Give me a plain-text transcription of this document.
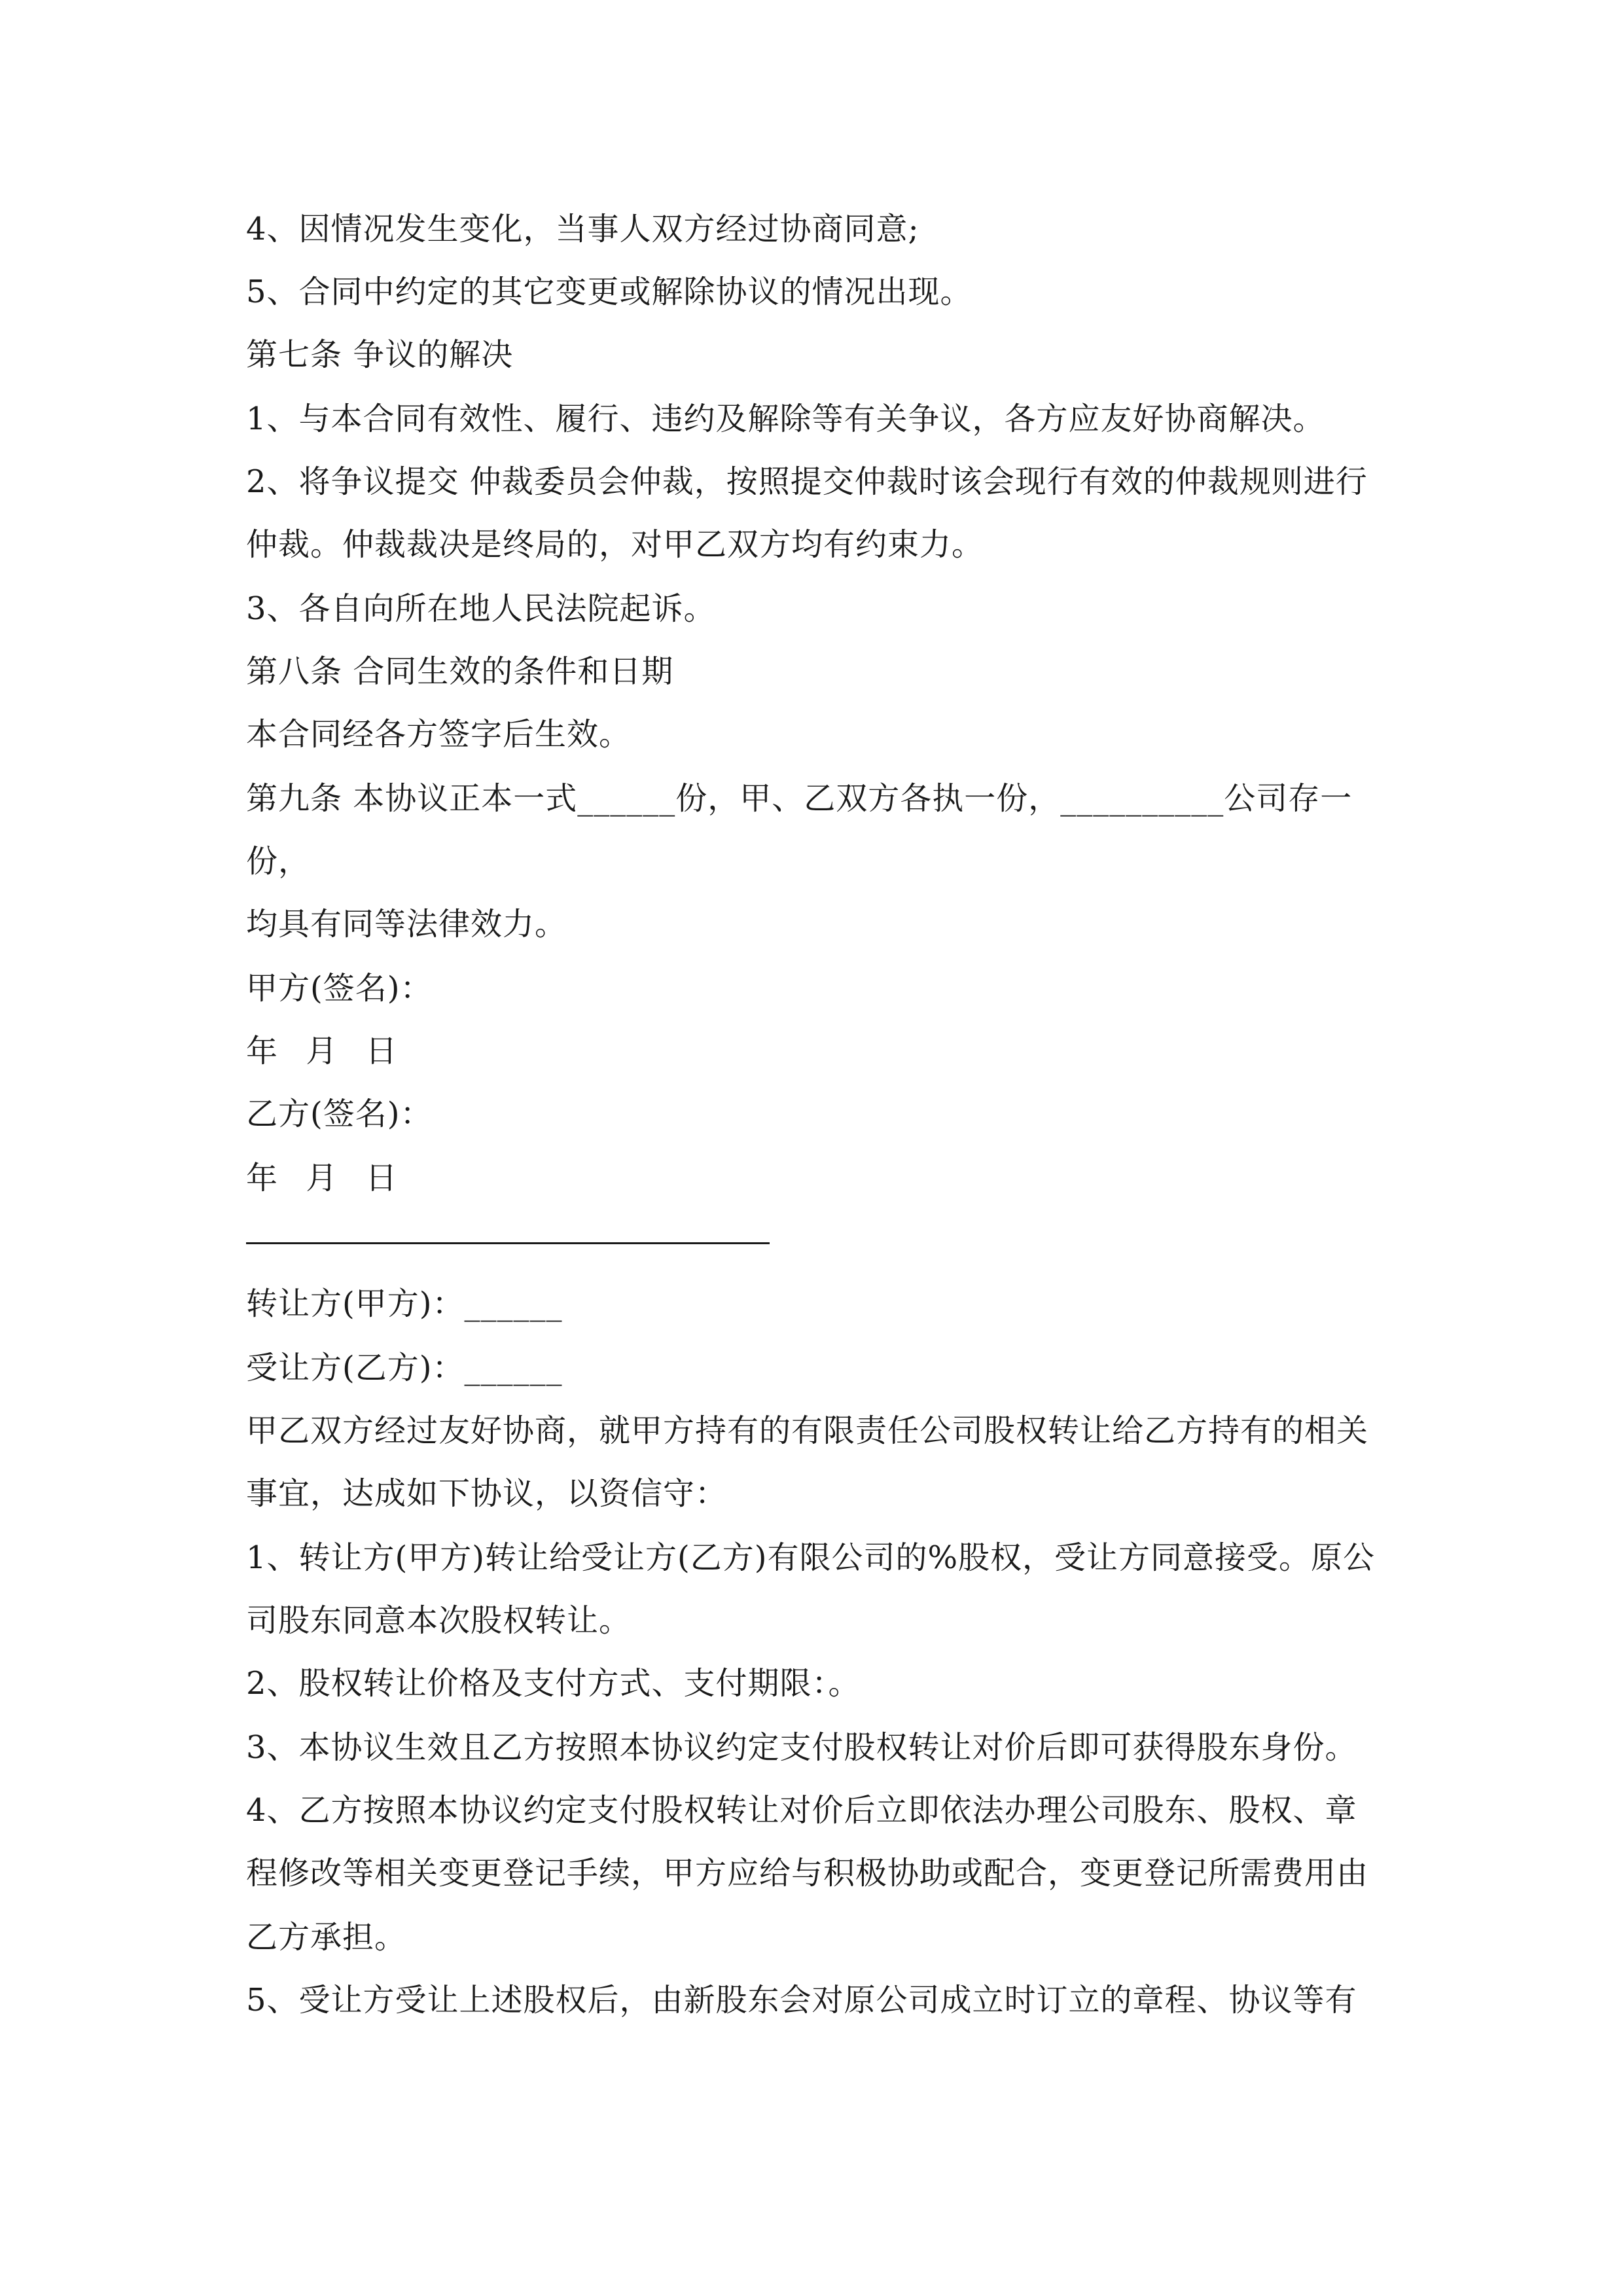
4、因情况发生变化，当事人双方经过协商同意;
5、合同中约定的其它变更或解除协议的情况出现。
第七条 争议的解决
1、与本合同有效性、履行、违约及解除等有关争议，各方应友好协商解决。
2、将争议提交 仲裁委员会仲裁，按照提交仲裁时该会现行有效的仲裁规则进行
仲裁。仲裁裁决是终局的，对甲乙双方均有约束力。
3、各自向所在地人民法院起诉。
第八条 合同生效的条件和日期
本合同经各方签字后生效。
第九条 本协议正本一式______份，甲、乙双方各执一份，__________公司存一
份，
均具有同等法律效力。
甲方(签名)：
年 月 日
乙方(签名)：
年 月 日
转让方(甲方)：______
受让方(乙方)：______
甲乙双方经过友好协商，就甲方持有的有限责任公司股权转让给乙方持有的相关
事宜，达成如下协议，以资信守：
1、转让方(甲方)转让给受让方(乙方)有限公司的%股权，受让方同意接受。原公
司股东同意本次股权转让。
2、股权转让价格及支付方式、支付期限：。
3、本协议生效且乙方按照本协议约定支付股权转让对价后即可获得股东身份。
4、乙方按照本协议约定支付股权转让对价后立即依法办理公司股东、股权、章
程修改等相关变更登记手续，甲方应给与积极协助或配合，变更登记所需费用由
乙方承担。
5、受让方受让上述股权后，由新股东会对原公司成立时订立的章程、协议等有
